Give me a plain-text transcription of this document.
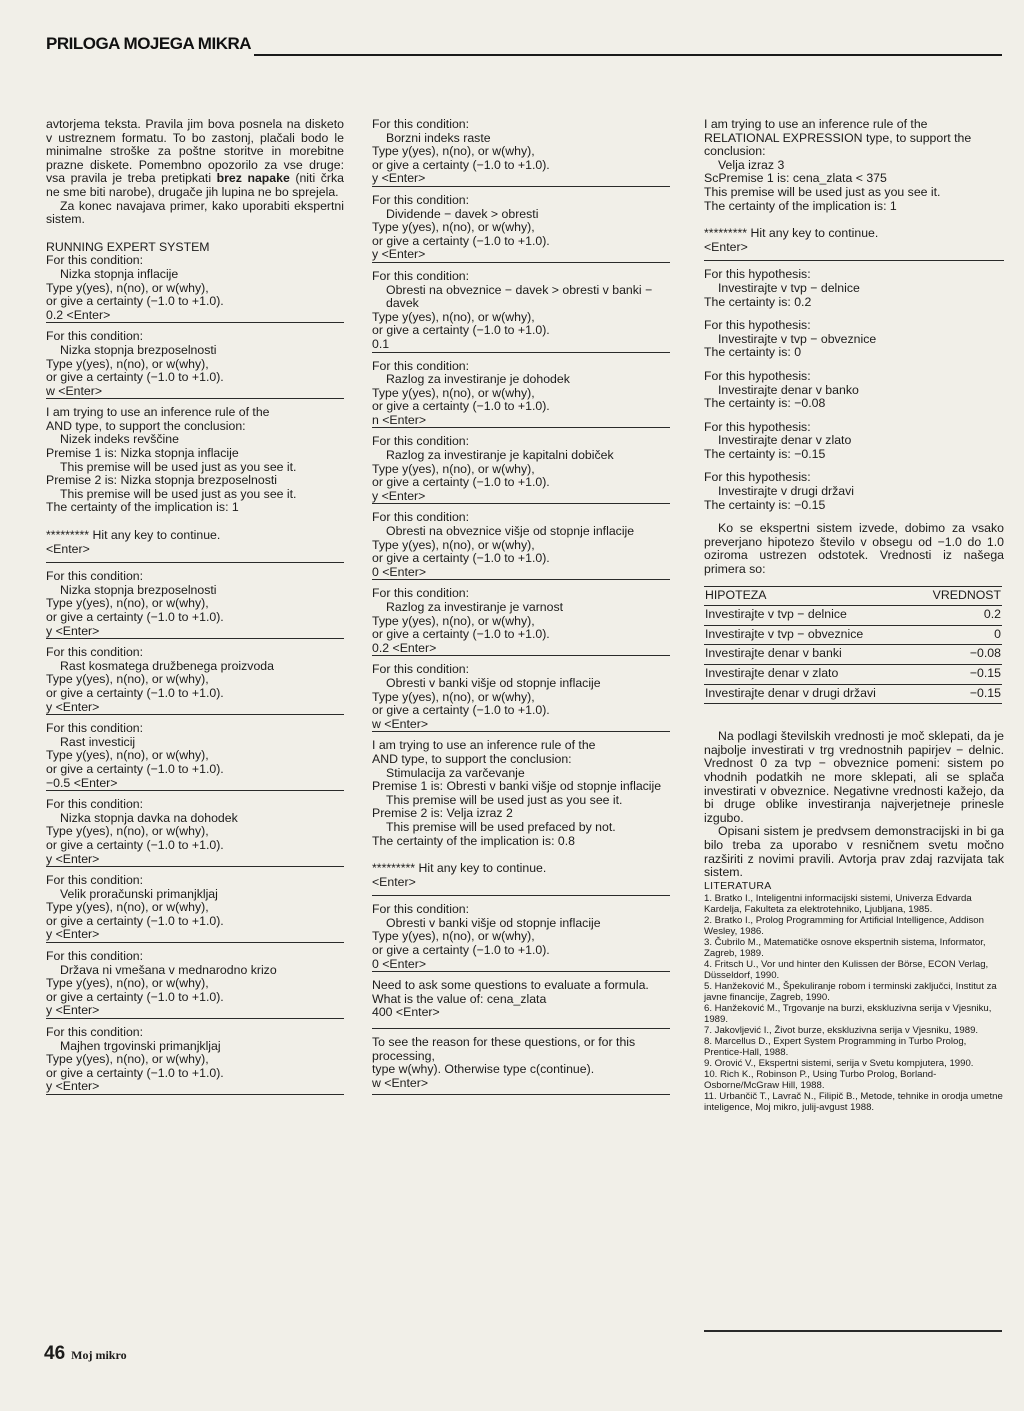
PRILOGA MOJEGA MIKRA

avtorjema teksta. Pravila jim bova posnela na disketo v ustreznem formatu. To bo zastonj, plačali bodo le minimalne stroške za poštne storitve in morebitne prazne diskete. Pomembno opozorilo za vse druge: vsa pravila je treba pretipkati brez napake (niti črka ne sme biti narobe), drugače jih lupina ne bo sprejela.

Za konec navajava primer, kako uporabiti ekspertni sistem.

RUNNING EXPERT SYSTEM

For this condition:

Nizka stopnja inflacije

Type y(yes), n(no), or w(why),

or give a certainty (−1.0 to +1.0).

0.2 <Enter>

For this condition:

Nizka stopnja brezposelnosti

Type y(yes), n(no), or w(why),

or give a certainty (−1.0 to +1.0).

w <Enter>

I am trying to use an inference rule of the

AND type, to support the conclusion:

Nizek indeks revščine

Premise 1 is: Nizka stopnja inflacije

This premise will be used just as you see it.

Premise 2 is: Nizka stopnja brezposelnosti

This premise will be used just as you see it.

The certainty of the implication is: 1

********* Hit any key to continue.

<Enter>

For this condition:

Nizka stopnja brezposelnosti

Type y(yes), n(no), or w(why),

or give a certainty (−1.0 to +1.0).

y <Enter>

For this condition:

Rast kosmatega družbenega proizvoda

Type y(yes), n(no), or w(why),

or give a certainty (−1.0 to +1.0).

y <Enter>

For this condition:

Rast investicij

Type y(yes), n(no), or w(why),

or give a certainty (−1.0 to +1.0).

−0.5 <Enter>

For this condition:

Nizka stopnja davka na dohodek

Type y(yes), n(no), or w(why),

or give a certainty (−1.0 to +1.0).

y <Enter>

For this condition:

Velik proračunski primanjkljaj

Type y(yes), n(no), or w(why),

or give a certainty (−1.0 to +1.0).

y <Enter>

For this condition:

Država ni vmešana v mednarodno krizo

Type y(yes), n(no), or w(why),

or give a certainty (−1.0 to +1.0).

y <Enter>

For this condition:

Majhen trgovinski primanjkljaj

Type y(yes), n(no), or w(why),

or give a certainty (−1.0 to +1.0).

y <Enter>

For this condition:

Borzni indeks raste

Type y(yes), n(no), or w(why),

or give a certainty (−1.0 to +1.0).

y <Enter>

For this condition:

Dividende − davek > obresti

Type y(yes), n(no), or w(why),

or give a certainty (−1.0 to +1.0).

y <Enter>

For this condition:

Obresti na obveznice − davek > obresti v banki − davek

Type y(yes), n(no), or w(why),

or give a certainty (−1.0 to +1.0).

0.1

For this condition:

Razlog za investiranje je dohodek

Type y(yes), n(no), or w(why),

or give a certainty (−1.0 to +1.0).

n <Enter>

For this condition:

Razlog za investiranje je kapitalni dobiček

Type y(yes), n(no), or w(why),

or give a certainty (−1.0 to +1.0).

y <Enter>

For this condition:

Obresti na obveznice višje od stopnje inflacije

Type y(yes), n(no), or w(why),

or give a certainty (−1.0 to +1.0).

0 <Enter>

For this condition:

Razlog za investiranje je varnost

Type y(yes), n(no), or w(why),

or give a certainty (−1.0 to +1.0).

0.2 <Enter>

For this condition:

Obresti v banki višje od stopnje inflacije

Type y(yes), n(no), or w(why),

or give a certainty (−1.0 to +1.0).

w <Enter>

I am trying to use an inference rule of the

AND type, to support the conclusion:

Stimulacija za varčevanje

Premise 1 is: Obresti v banki višje od stopnje inflacije

This premise will be used just as you see it.

Premise 2 is: Velja izraz 2

This premise will be used prefaced by not.

The certainty of the implication is: 0.8

********* Hit any key to continue.

<Enter>

For this condition:

Obresti v banki višje od stopnje inflacije

Type y(yes), n(no), or w(why),

or give a certainty (−1.0 to +1.0).

0 <Enter>

Need to ask some questions to evaluate a formula.

What is the value of: cena_zlata

400 <Enter>

To see the reason for these questions, or for this processing,

type w(why). Otherwise type c(continue).

w <Enter>

I am trying to use an inference rule of the RELATIONAL EXPRESSION type, to support the conclusion:

Velja izraz 3

ScPremise 1 is: cena_zlata < 375

This premise will be used just as you see it.

The certainty of the implication is: 1

********* Hit any key to continue.

<Enter>

For this hypothesis:

Investirajte v tvp − delnice

The certainty is: 0.2

For this hypothesis:

Investirajte v tvp − obveznice

The certainty is: 0

For this hypothesis:

Investirajte denar v banko

The certainty is: −0.08

For this hypothesis:

Investirajte denar v zlato

The certainty is: −0.15

For this hypothesis:

Investirajte v drugi državi

The certainty is: −0.15

Ko se ekspertni sistem izvede, dobimo za vsako preverjano hipotezo število v obsegu od −1.0 do 1.0 oziroma ustrezen odstotek. Vrednosti iz našega primera so:

HIPOTEZA	VREDNOST
Investirajte v tvp − delnice	0.2
Investirajte v tvp − obveznice	0
Investirajte denar v banki	−0.08
Investirajte denar v zlato	−0.15
Investirajte denar v drugi državi	−0.15

Na podlagi številskih vrednosti je moč sklepati, da je najbolje investirati v trg vrednostnih papirjev − delnic. Vrednost 0 za tvp − obveznice pomeni: sistem po vhodnih podatkih ne more sklepati, ali se splača investirati v obveznice. Negativne vrednosti kažejo, da bi druge oblike investiranja najverjetneje prinesle izgubo.

Opisani sistem je predvsem demonstracijski in bi ga bilo treba za uporabo v resničnem svetu močno razširiti z novimi pravili. Avtorja prav zdaj razvijata tak sistem.

LITERATURA

1. Bratko I., Inteligentni informacijski sistemi, Univerza Edvarda Kardelja, Fakulteta za elektrotehniko, Ljubljana, 1985.
2. Bratko I., Prolog Programming for Artificial Intelligence, Addison Wesley, 1986.
3. Čubrilo M., Matematičke osnove ekspertnih sistema, Informator, Zagreb, 1989.
4. Fritsch U., Vor und hinter den Kulissen der Börse, ECON Verlag, Düsseldorf, 1990.
5. Hanžeković M., Špekuliranje robom i terminski zaključci, Institut za javne financije, Zagreb, 1990.
6. Hanžeković M., Trgovanje na burzi, ekskluzivna serija v Vjesniku, 1989.
7. Jakovljević I., Život burze, ekskluzivna serija v Vjesniku, 1989.
8. Marcellus D., Expert System Programming in Turbo Prolog, Prentice-Hall, 1988.
9. Orović V., Ekspertni sistemi, serija v Svetu kompjutera, 1990.
10. Rich K., Robinson P., Using Turbo Prolog, Borland-Osborne/McGraw Hill, 1988.
11. Urbančič T., Lavrač N., Filipič B., Metode, tehnike in orodja umetne inteligence, Moj mikro, julij-avgust 1988.
46 Moj mikro
